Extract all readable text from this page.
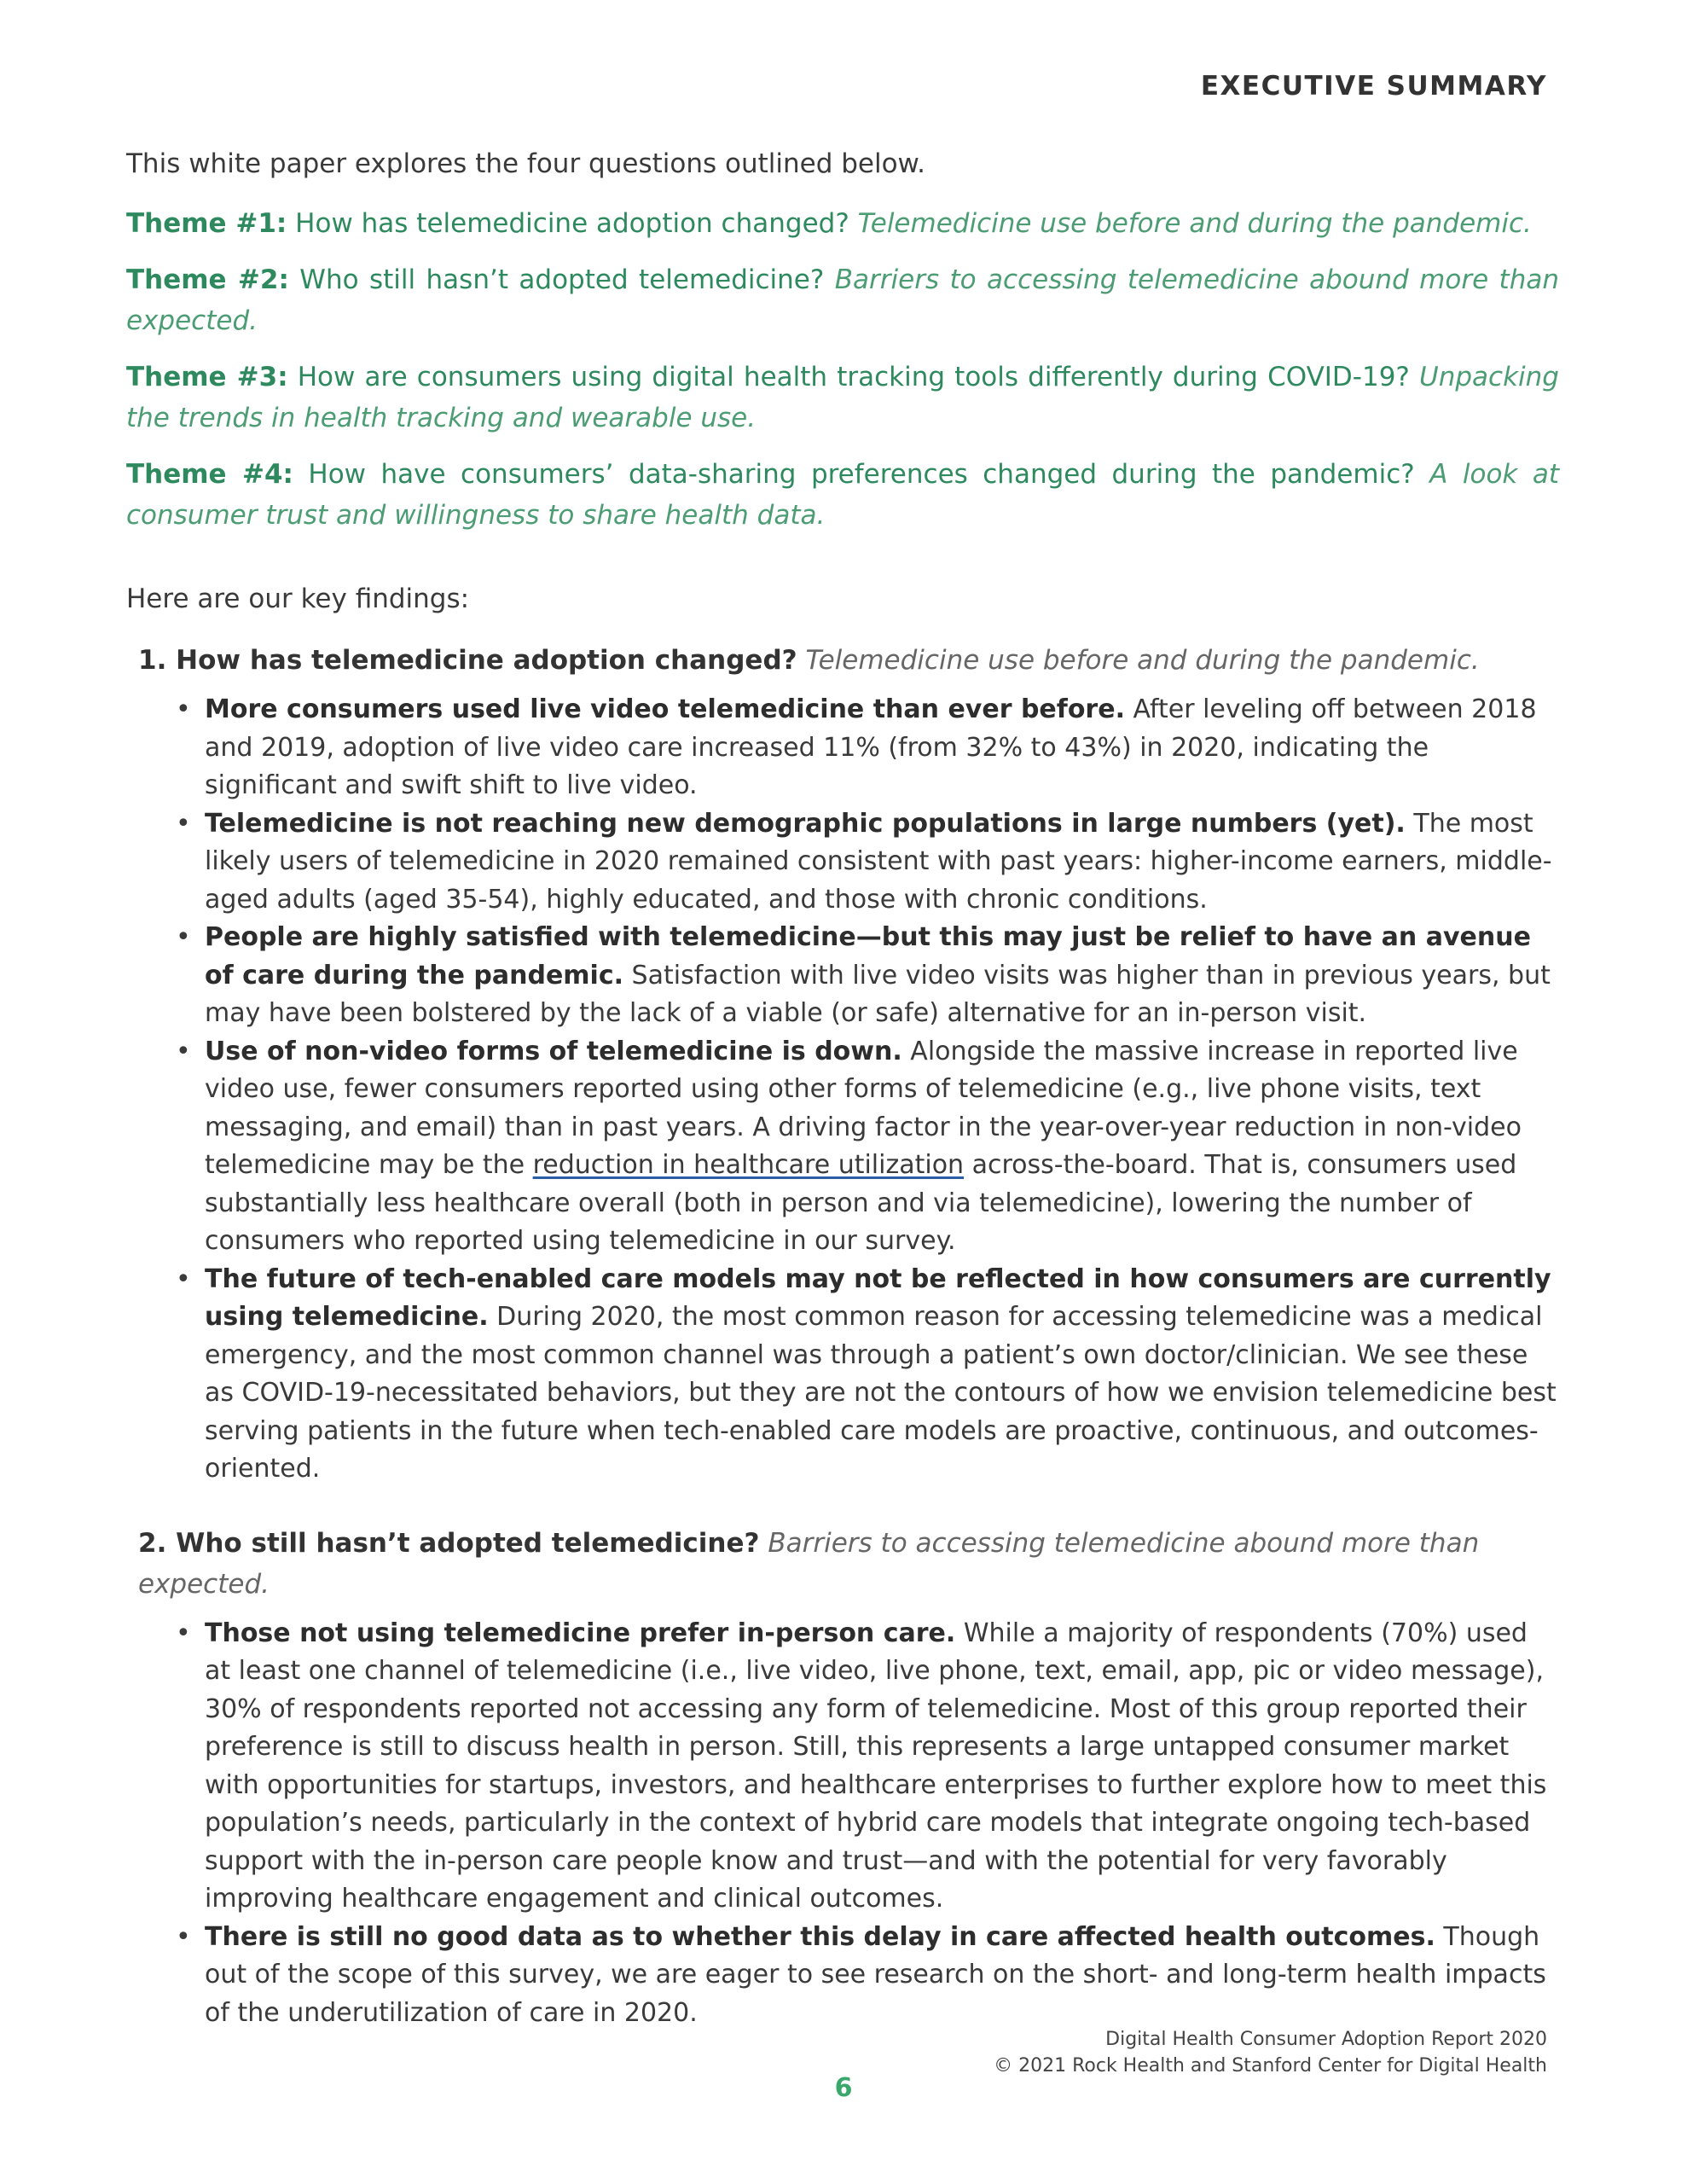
EXECUTIVE SUMMARY

This white paper explores the four questions outlined below.

Theme #1: How has telemedicine adoption changed? Telemedicine use before and during the pandemic.

Theme #2: Who still hasn’t adopted telemedicine? Barriers to accessing telemedicine abound more than expected.

Theme #3: How are consumers using digital health tracking tools differently during COVID-19? Unpacking the trends in health tracking and wearable use.

Theme #4: How have consumers’ data-sharing preferences changed during the pandemic? A look at consumer trust and willingness to share health data.

Here are our key findings:

1. How has telemedicine adoption changed? Telemedicine use before and during the pandemic.

• More consumers used live video telemedicine than ever before. After leveling off between 2018 and 2019, adoption of live video care increased 11% (from 32% to 43%) in 2020, indicating the significant and swift shift to live video.
• Telemedicine is not reaching new demographic populations in large numbers (yet). The most likely users of telemedicine in 2020 remained consistent with past years: higher-income earners, middle-aged adults (aged 35-54), highly educated, and those with chronic conditions.
• People are highly satisfied with telemedicine—but this may just be relief to have an avenue of care during the pandemic. Satisfaction with live video visits was higher than in previous years, but may have been bolstered by the lack of a viable (or safe) alternative for an in-person visit.
• Use of non-video forms of telemedicine is down. Alongside the massive increase in reported live video use, fewer consumers reported using other forms of telemedicine (e.g., live phone visits, text messaging, and email) than in past years. A driving factor in the year-over-year reduction in non-video telemedicine may be the reduction in healthcare utilization across-the-board. That is, consumers used substantially less healthcare overall (both in person and via telemedicine), lowering the number of consumers who reported using telemedicine in our survey.
• The future of tech-enabled care models may not be reflected in how consumers are currently using telemedicine. During 2020, the most common reason for accessing telemedicine was a medical emergency, and the most common channel was through a patient’s own doctor/clinician. We see these as COVID-19-necessitated behaviors, but they are not the contours of how we envision telemedicine best serving patients in the future when tech-enabled care models are proactive, continuous, and outcomes-oriented.

2. Who still hasn’t adopted telemedicine? Barriers to accessing telemedicine abound more than expected.

• Those not using telemedicine prefer in-person care. While a majority of respondents (70%) used at least one channel of telemedicine (i.e., live video, live phone, text, email, app, pic or video message), 30% of respondents reported not accessing any form of telemedicine. Most of this group reported their preference is still to discuss health in person. Still, this represents a large untapped consumer market with opportunities for startups, investors, and healthcare enterprises to further explore how to meet this population’s needs, particularly in the context of hybrid care models that integrate ongoing tech-based support with the in-person care people know and trust—and with the potential for very favorably improving healthcare engagement and clinical outcomes.
• There is still no good data as to whether this delay in care affected health outcomes. Though out of the scope of this survey, we are eager to see research on the short- and long-term health impacts of the underutilization of care in 2020.
Digital Health Consumer Adoption Report 2020
© 2021 Rock Health and Stanford Center for Digital Health
6
